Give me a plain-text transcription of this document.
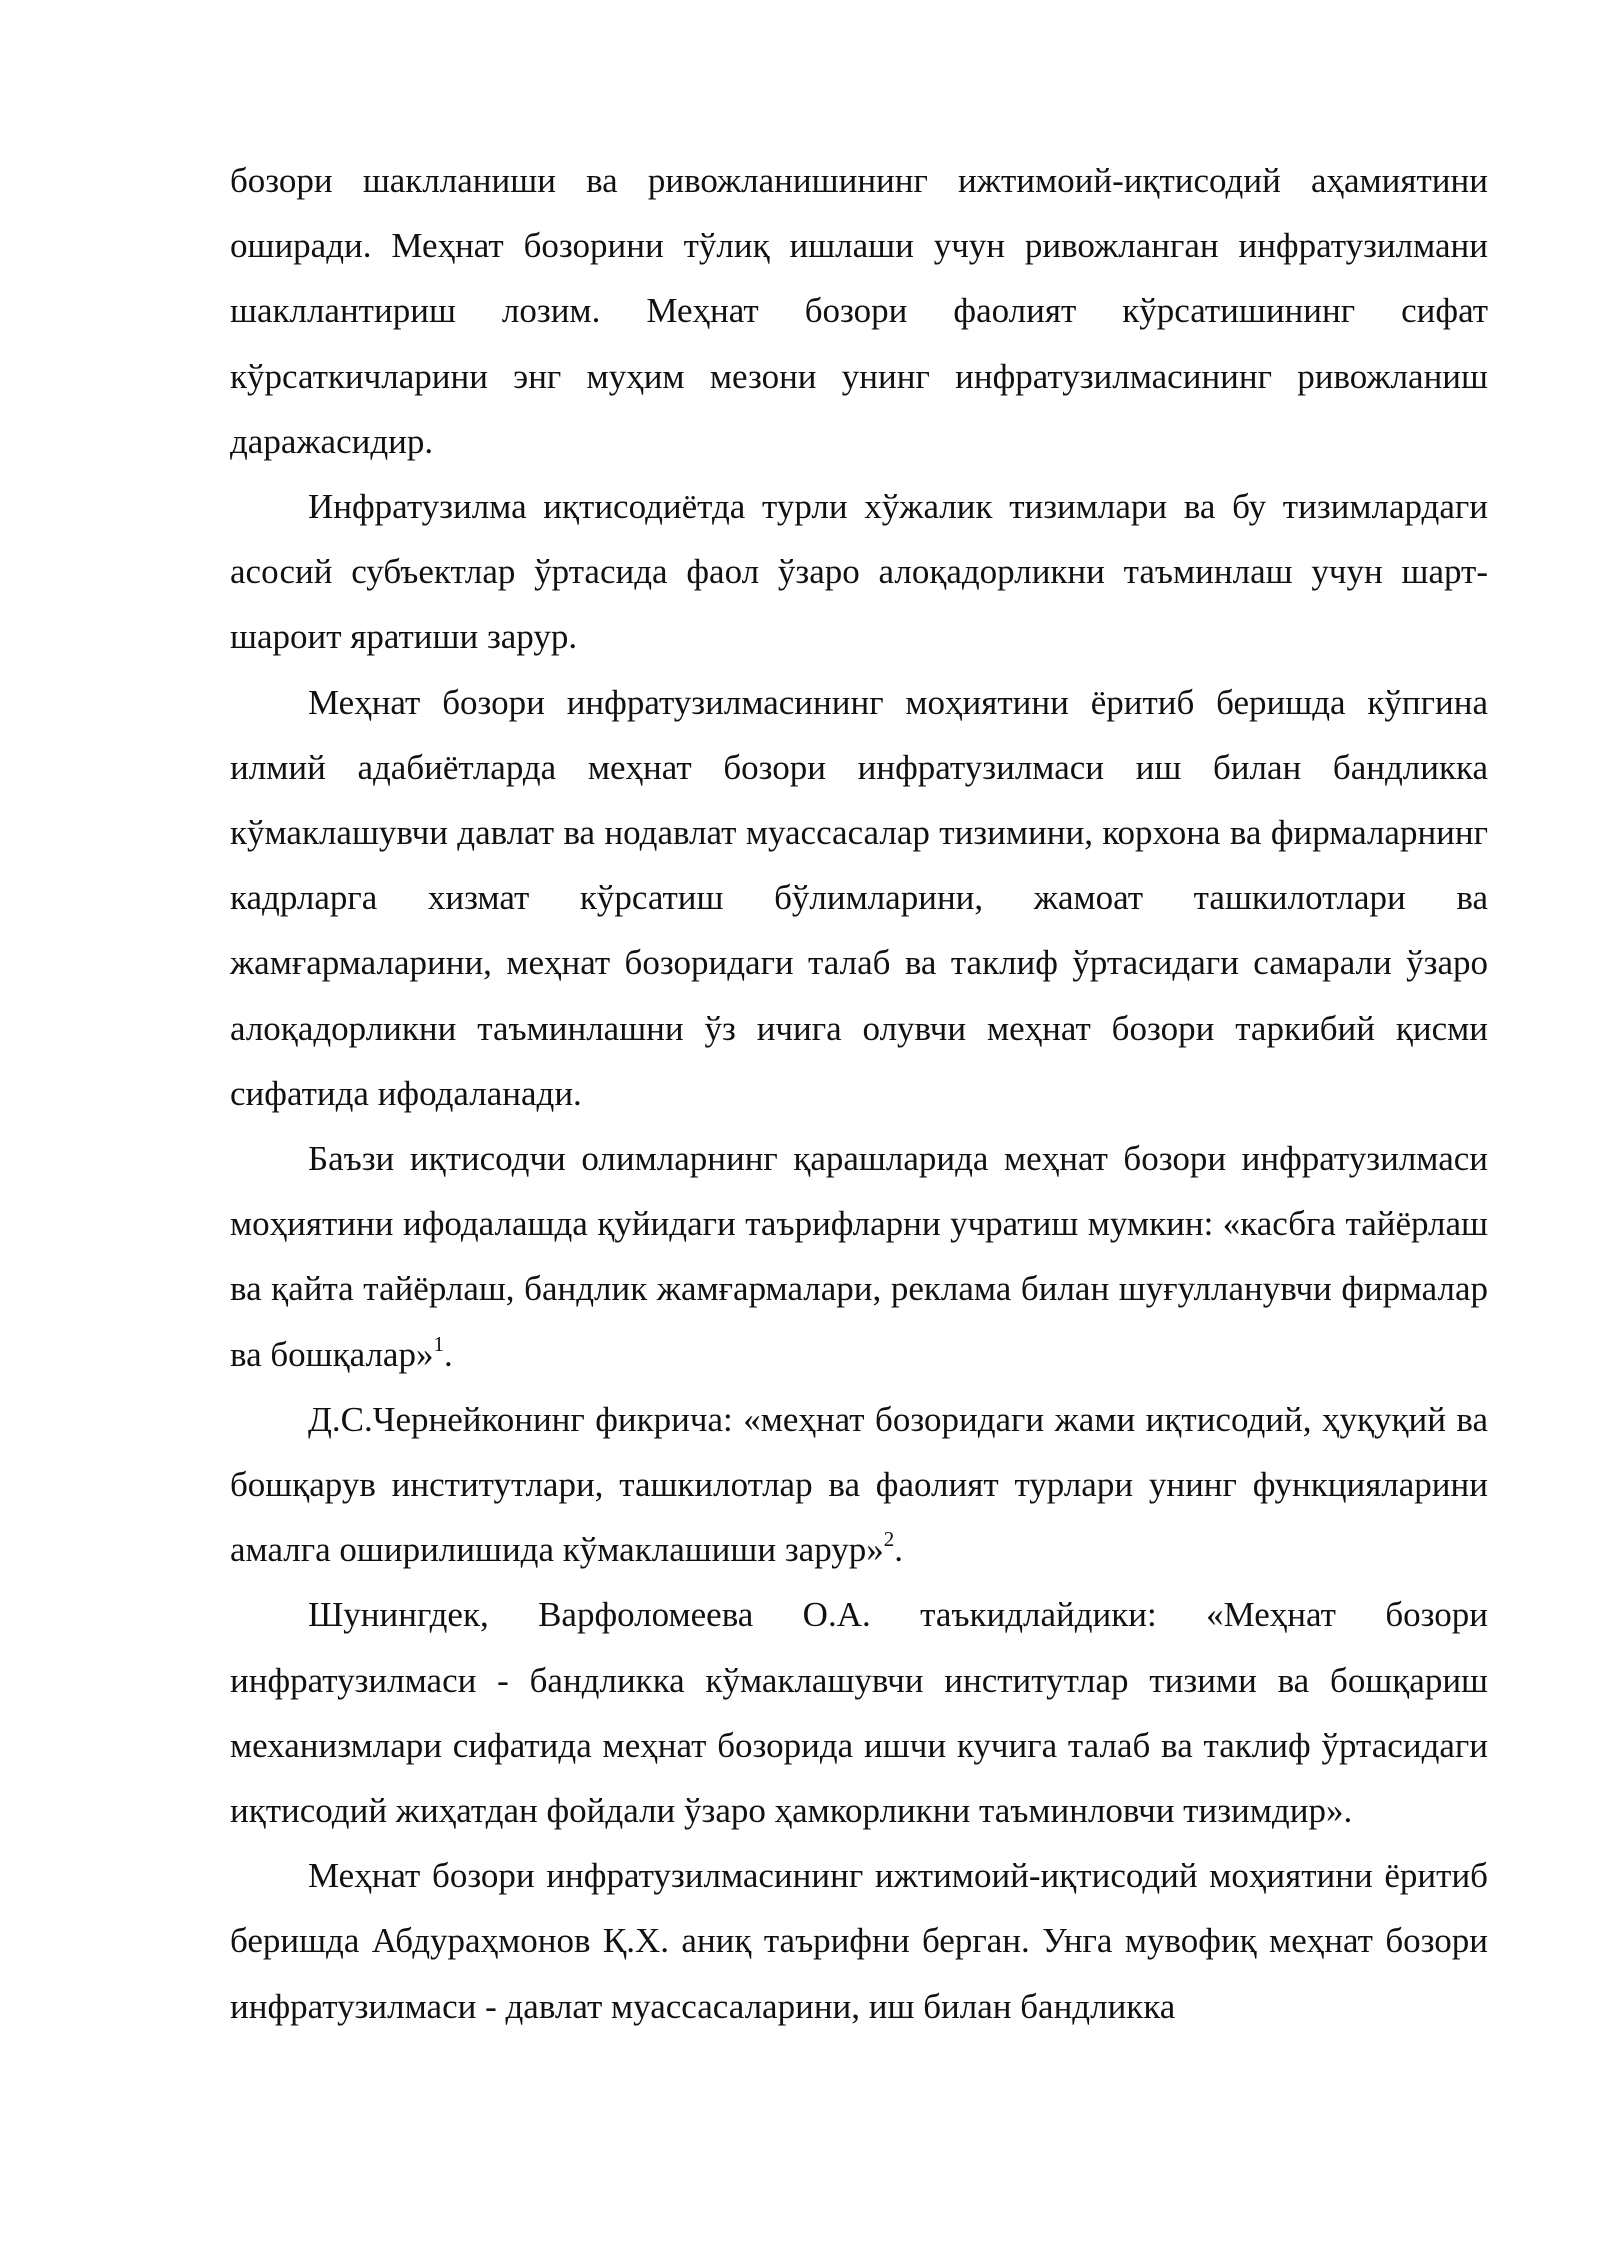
бозори шаклланиши ва ривожланишининг ижтимоий-иқтисодий аҳамиятини оширади. Меҳнат бозорини тўлиқ ишлаши учун ривожланган инфратузилмани шакллантириш лозим. Меҳнат бозори фаолият кўрсатишининг сифат кўрсаткичларини энг муҳим мезони унинг инфратузилмасининг ривожланиш даражасидир.

Инфратузилма иқтисодиётда турли хўжалик тизимлари ва бу тизимлардаги асосий субъектлар ўртасида фаол ўзаро алоқадорликни таъминлаш учун шарт-шароит яратиши зарур.

Меҳнат бозори инфратузилмасининг моҳиятини ёритиб беришда кўпгина илмий адабиётларда меҳнат бозори инфратузилмаси иш билан бандликка кўмаклашувчи давлат ва нодавлат муассасалар тизимини, корхона ва фирмаларнинг кадрларга хизмат кўрсатиш бўлимларини, жамоат ташкилотлари ва жамғармаларини, меҳнат бозоридаги талаб ва таклиф ўртасидаги самарали ўзаро алоқадорликни таъминлашни ўз ичига олувчи меҳнат бозори таркибий қисми сифатида ифодаланади.

Баъзи иқтисодчи олимларнинг қарашларида меҳнат бозори инфратузилмаси моҳиятини ифодалашда қуйидаги таърифларни учратиш мумкин: «касбга тайёрлаш ва қайта тайёрлаш, бандлик жамғармалари, реклама билан шуғулланувчи фирмалар ва бошқалар»$^1$.

Д.С.Чернейконинг фикрича: «меҳнат бозоридаги жами иқтисодий, ҳуқуқий ва бошқарув институтлари, ташкилотлар ва фаолият турлари унинг функцияларини амалга оширилишида кўмаклашиши зарур»$^2$.

Шунингдек, Варфоломеева О.А. таъкидлайдики: «Меҳнат бозори инфратузилмаси - бандликка кўмаклашувчи институтлар тизими ва бошқариш механизмлари сифатида меҳнат бозорида ишчи кучига талаб ва таклиф ўртасидаги иқтисодий жиҳатдан фойдали ўзаро ҳамкорликни таъминловчи тизимдир».

Меҳнат бозори инфратузилмасининг ижтимоий-иқтисодий моҳиятини ёритиб беришда Абдураҳмонов Қ.Х. аниқ таърифни берган. Унга мувофиқ меҳнат бозори инфратузилмаси - давлат муассасаларини, иш билан бандликка
